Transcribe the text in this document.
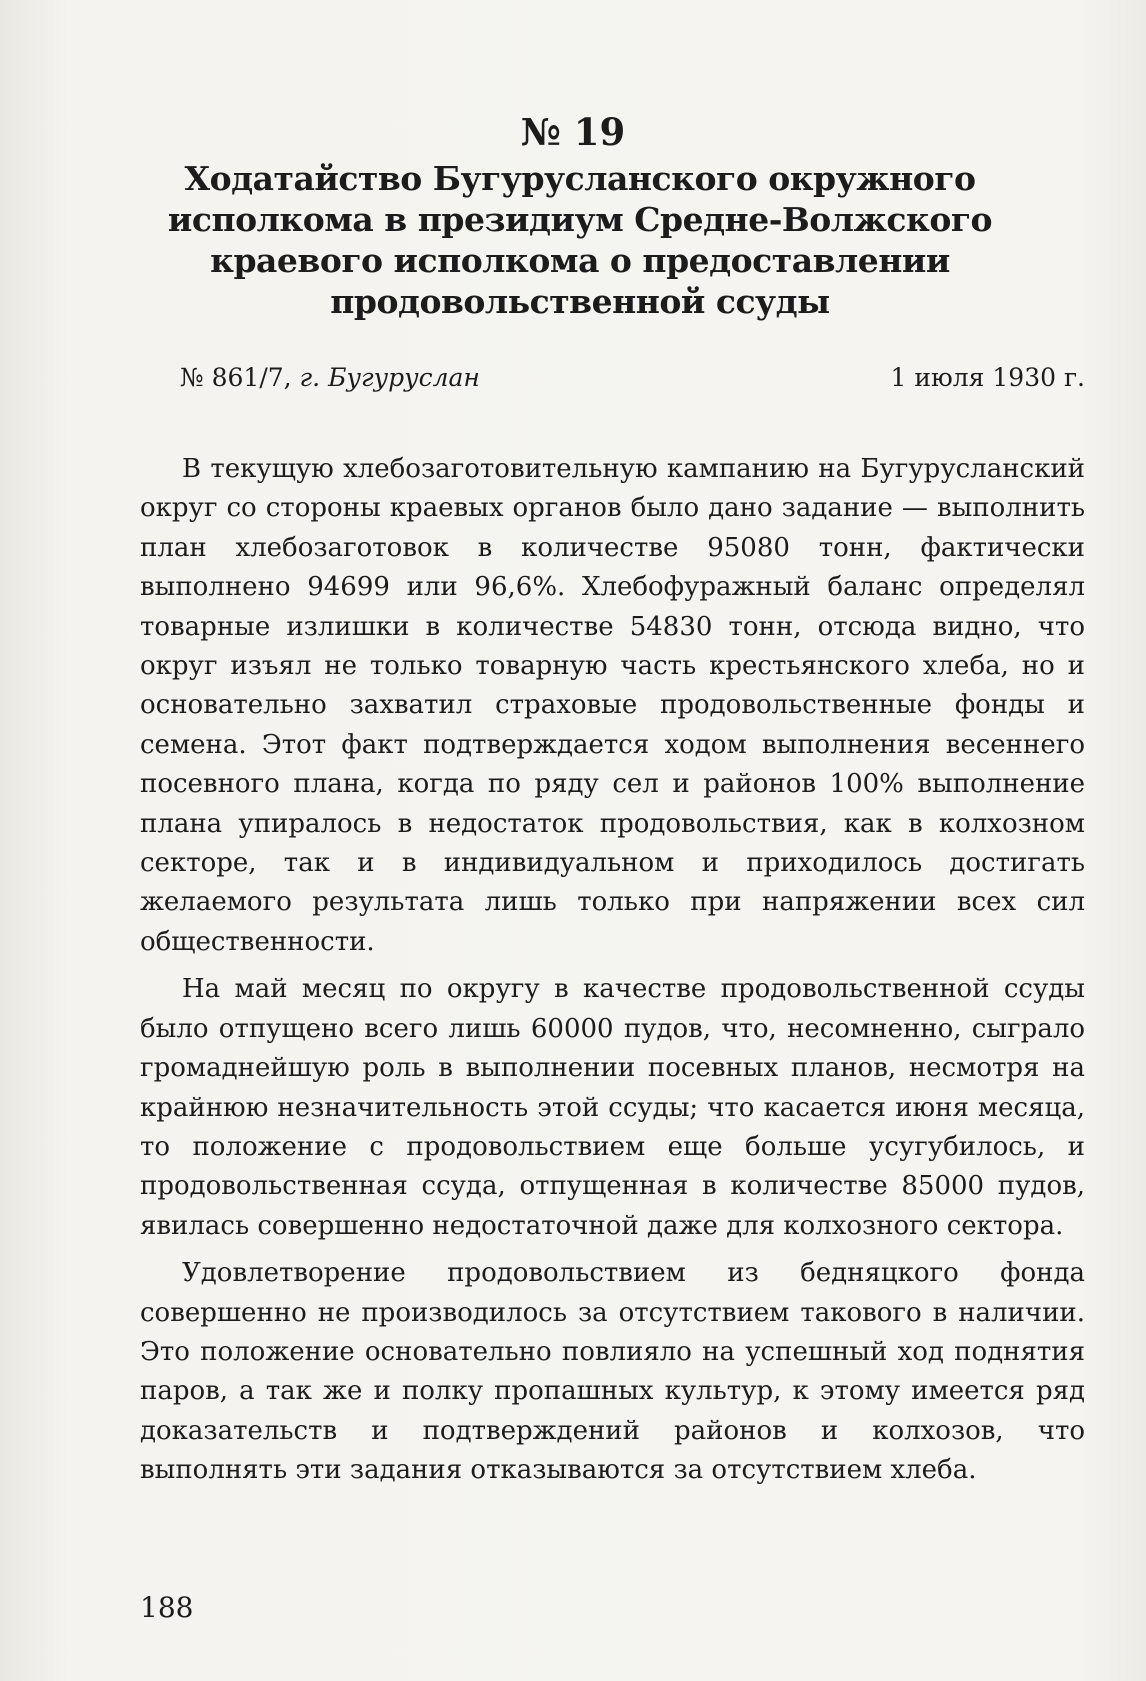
№ 19
Ходатайство Бугурусланского окружного исполкома в президиум Средне-Волжского краевого исполкома о предоставлении продовольственной ссуды
№ 861/7, г. Бугуруслан	1 июля 1930 г.

В текущую хлебозаготовительную кампанию на Бугурусланский округ со стороны краевых органов было дано задание — выполнить план хлебозаготовок в количестве 95080 тонн, фактически выполнено 94699 или 96,6%. Хлебофуражный баланс определял товарные излишки в количестве 54830 тонн, отсюда видно, что округ изъял не только товарную часть крестьянского хлеба, но и основательно захватил страховые продовольственные фонды и семена. Этот факт подтверждается ходом выполнения весеннего посевного плана, когда по ряду сел и районов 100% выполнение плана упиралось в недостаток продовольствия, как в колхозном секторе, так и в индивидуальном и приходилось достигать желаемого результата лишь только при напряжении всех сил общественности.

На май месяц по округу в качестве продовольственной ссуды было отпущено всего лишь 60000 пудов, что, несомненно, сыграло громаднейшую роль в выполнении посевных планов, несмотря на крайнюю незначительность этой ссуды; что касается июня месяца, то положение с продовольствием еще больше усугубилось, и продовольственная ссуда, отпущенная в количестве 85000 пудов, явилась совершенно недостаточной даже для колхозного сектора.

Удовлетворение продовольствием из бедняцкого фонда совершенно не производилось за отсутствием такового в наличии. Это положение основательно повлияло на успешный ход поднятия паров, а так же и полку пропашных культур, к этому имеется ряд доказательств и подтверждений районов и колхозов, что выполнять эти задания отказываются за отсутствием хлеба.

188
